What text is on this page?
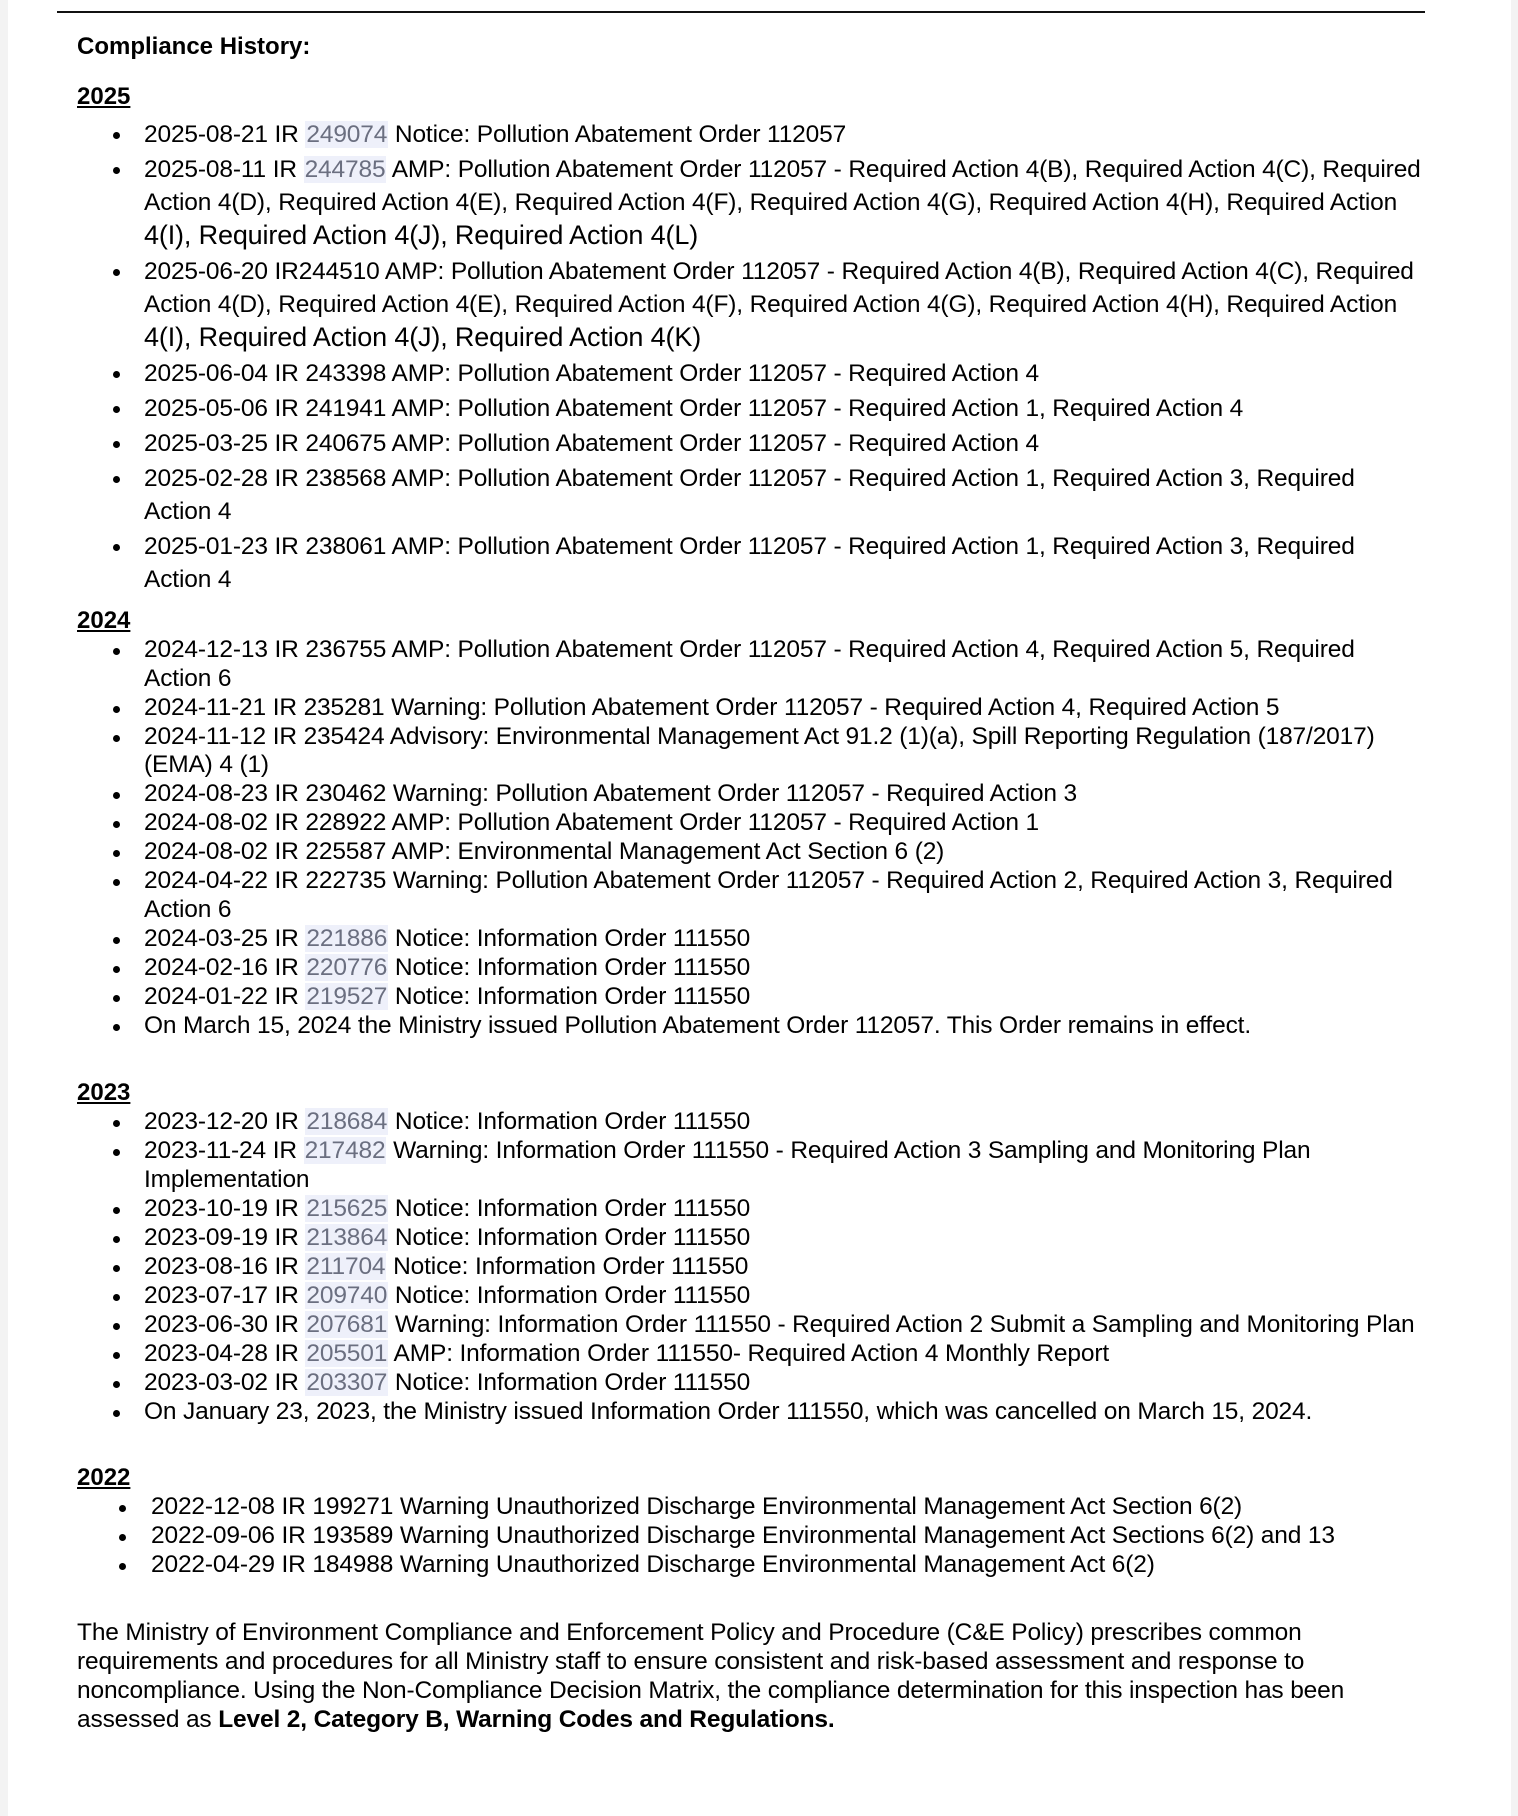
Compliance History:
2025
2025-08-21 IR 249074 Notice: Pollution Abatement Order 112057
2025-08-11 IR 244785 AMP: Pollution Abatement Order 112057 - Required Action 4(B), Required Action 4(C), Required Action 4(D), Required Action 4(E), Required Action 4(F), Required Action 4(G), Required Action 4(H), Required Action 4(I), Required Action 4(J), Required Action 4(L)
2025-06-20 IR244510 AMP: Pollution Abatement Order 112057 - Required Action 4(B), Required Action 4(C), Required Action 4(D), Required Action 4(E), Required Action 4(F), Required Action 4(G), Required Action 4(H), Required Action 4(I), Required Action 4(J), Required Action 4(K)
2025-06-04 IR 243398 AMP: Pollution Abatement Order 112057 - Required Action 4
2025-05-06 IR 241941 AMP: Pollution Abatement Order 112057 - Required Action 1, Required Action 4
2025-03-25 IR 240675 AMP: Pollution Abatement Order 112057 - Required Action 4
2025-02-28 IR 238568 AMP: Pollution Abatement Order 112057 - Required Action 1, Required Action 3, Required Action 4
2025-01-23 IR 238061 AMP: Pollution Abatement Order 112057 - Required Action 1, Required Action 3, Required Action 4
2024
2024-12-13 IR 236755 AMP: Pollution Abatement Order 112057 - Required Action 4, Required Action 5, Required Action 6
2024-11-21 IR 235281 Warning: Pollution Abatement Order 112057 - Required Action 4, Required Action 5
2024-11-12 IR 235424 Advisory: Environmental Management Act 91.2 (1)(a), Spill Reporting Regulation (187/2017)(EMA) 4 (1)
2024-08-23 IR 230462 Warning: Pollution Abatement Order 112057 - Required Action 3
2024-08-02 IR 228922 AMP: Pollution Abatement Order 112057 - Required Action 1
2024-08-02 IR 225587 AMP: Environmental Management Act Section 6 (2)
2024-04-22 IR 222735 Warning: Pollution Abatement Order 112057 - Required Action 2, Required Action 3, Required Action 6
2024-03-25 IR 221886 Notice: Information Order 111550
2024-02-16 IR 220776 Notice: Information Order 111550
2024-01-22 IR 219527 Notice: Information Order 111550
On March 15, 2024 the Ministry issued Pollution Abatement Order 112057. This Order remains in effect.
2023
2023-12-20 IR 218684 Notice: Information Order 111550
2023-11-24 IR 217482 Warning: Information Order 111550 - Required Action 3 Sampling and Monitoring Plan Implementation
2023-10-19 IR 215625 Notice: Information Order 111550
2023-09-19 IR 213864 Notice: Information Order 111550
2023-08-16 IR 211704 Notice: Information Order 111550
2023-07-17 IR 209740 Notice: Information Order 111550
2023-06-30 IR 207681 Warning: Information Order 111550 - Required Action 2 Submit a Sampling and Monitoring Plan
2023-04-28 IR 205501 AMP: Information Order 111550- Required Action 4 Monthly Report
2023-03-02 IR 203307 Notice: Information Order 111550
On January 23, 2023, the Ministry issued Information Order 111550, which was cancelled on March 15, 2024.
2022
2022-12-08 IR 199271 Warning Unauthorized Discharge Environmental Management Act Section 6(2)
2022-09-06 IR 193589 Warning Unauthorized Discharge Environmental Management Act Sections 6(2) and 13
2022-04-29 IR 184988 Warning Unauthorized Discharge Environmental Management Act 6(2)

The Ministry of Environment Compliance and Enforcement Policy and Procedure (C&E Policy) prescribes common requirements and procedures for all Ministry staff to ensure consistent and risk-based assessment and response to noncompliance. Using the Non-Compliance Decision Matrix, the compliance determination for this inspection has been assessed as Level 2, Category B, Warning Codes and Regulations.
